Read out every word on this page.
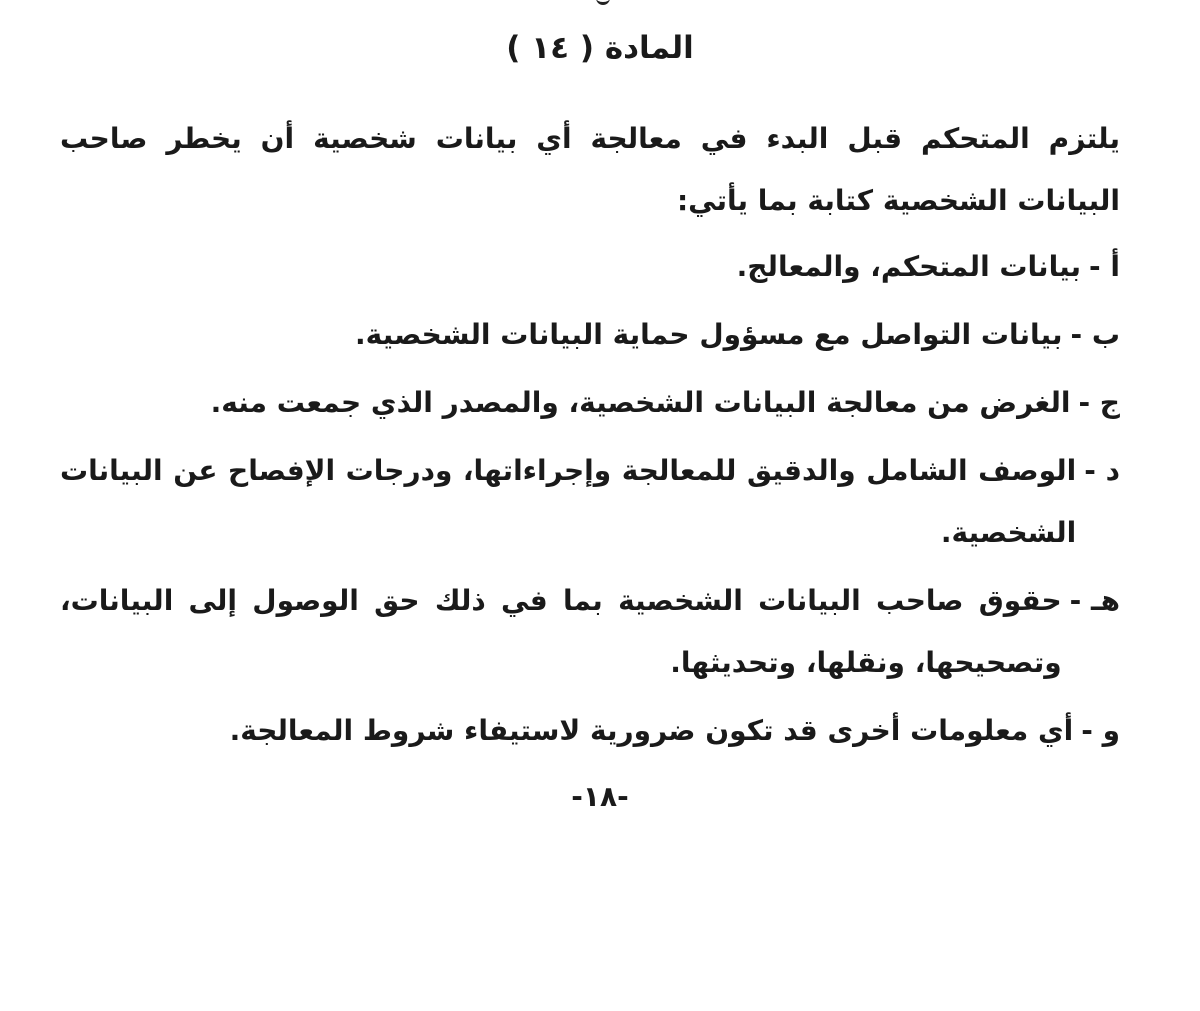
المادة ( ١٤ )

يلتزم المتحكم قبل البدء في معالجة أي بيانات شخصية أن يخطر صاحب البيانات الشخصية كتابة بما يأتي:

أ -
بيانات المتحكم، والمعالج.
ب -
بيانات التواصل مع مسؤول حماية البيانات الشخصية.
ج -
الغرض من معالجة البيانات الشخصية، والمصدر الذي جمعت منه.
د -
الوصف الشامل والدقيق للمعالجة وإجراءاتها، ودرجات الإفصاح عن البيانات الشخصية.
هـ -
حقوق صاحب البيانات الشخصية بما في ذلك حق الوصول إلى البيانات، وتصحيحها، ونقلها، وتحديثها.
و -
أي معلومات أخرى قد تكون ضرورية لاستيفاء شروط المعالجة.
-١٨-
